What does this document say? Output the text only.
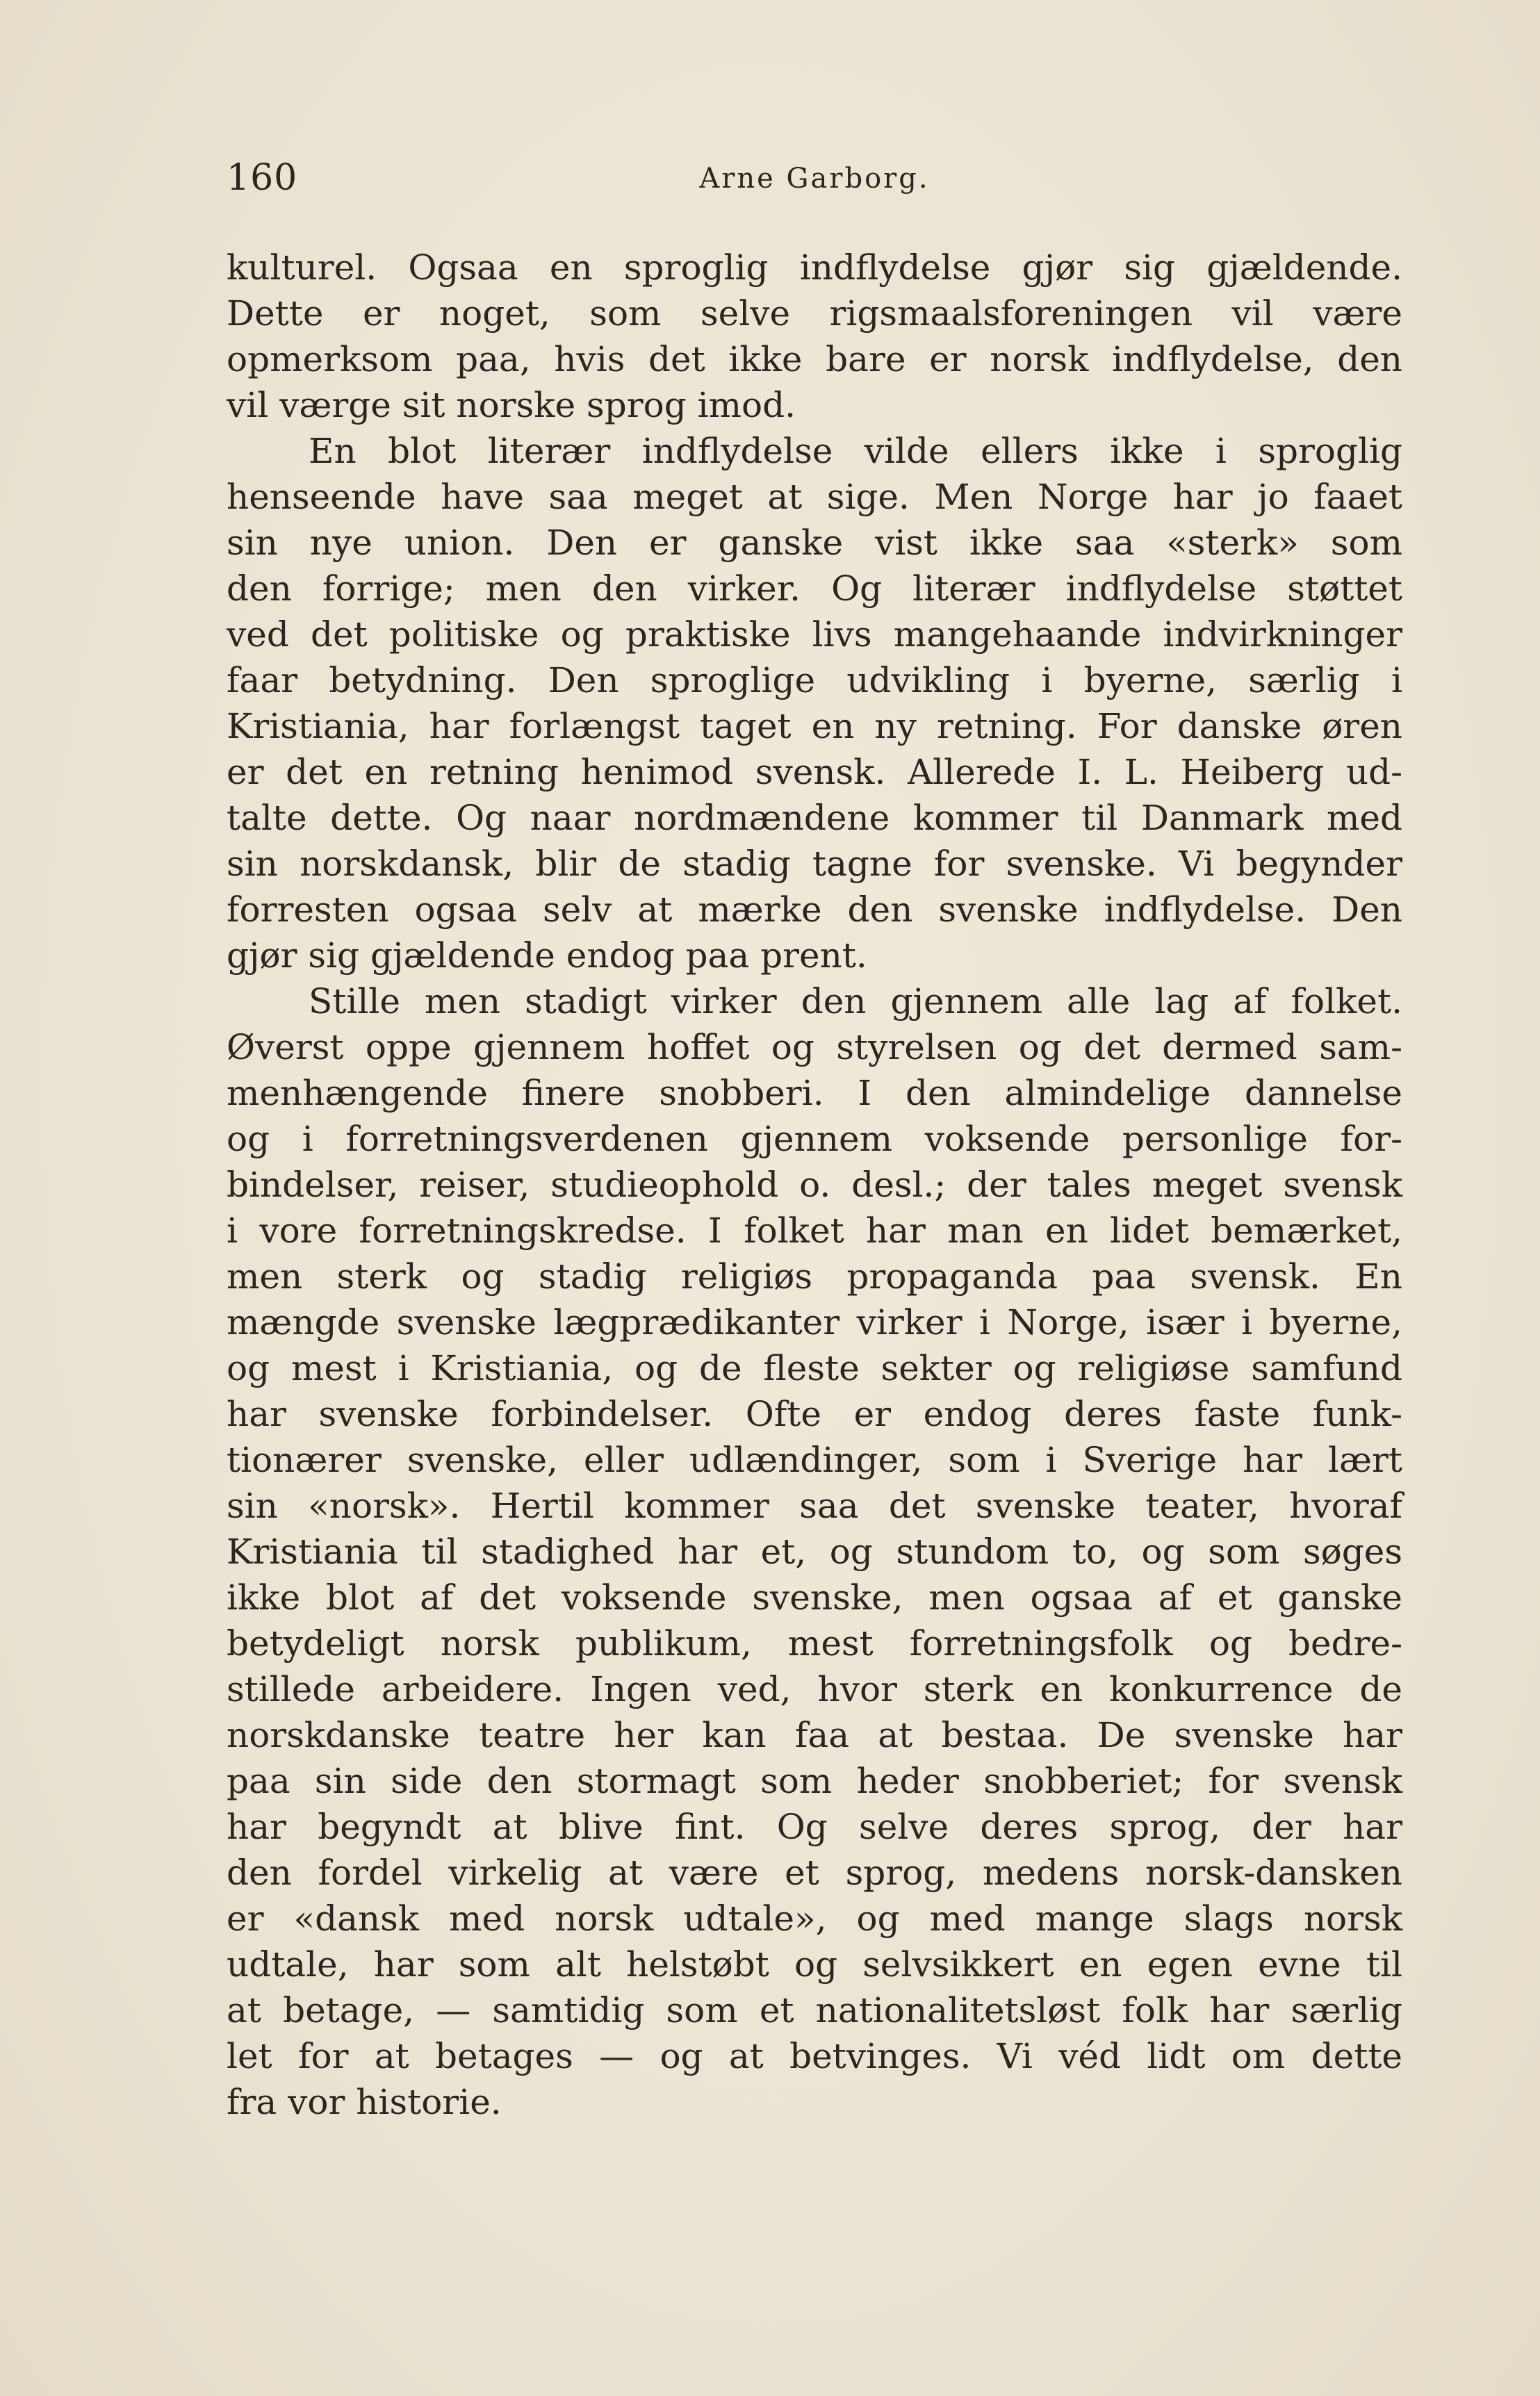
160	Arne Garborg.
kulturel. Ogsaa en sproglig indflydelse gjør sig gjældende.
Dette er noget, som selve rigsmaalsforeningen vil være
opmerksom paa, hvis det ikke bare er norsk indflydelse, den
vil værge sit norske sprog imod.
En blot literær indflydelse vilde ellers ikke i sproglig
henseende have saa meget at sige. Men Norge har jo faaet
sin nye union. Den er ganske vist ikke saa «sterk» som
den forrige; men den virker. Og literær indflydelse støttet
ved det politiske og praktiske livs mangehaande indvirkninger
faar betydning. Den sproglige udvikling i byerne, særlig i
Kristiania, har forlængst taget en ny retning. For danske øren
er det en retning henimod svensk. Allerede I. L. Heiberg ud-
talte dette. Og naar nordmændene kommer til Danmark med
sin norskdansk, blir de stadig tagne for svenske. Vi begynder
forresten ogsaa selv at mærke den svenske indflydelse. Den
gjør sig gjældende endog paa prent.
Stille men stadigt virker den gjennem alle lag af folket.
Øverst oppe gjennem hoffet og styrelsen og det dermed sam-
menhængende finere snobberi. I den almindelige dannelse
og i forretningsverdenen gjennem voksende personlige for-
bindelser, reiser, studieophold o. desl.; der tales meget svensk
i vore forretningskredse. I folket har man en lidet bemærket,
men sterk og stadig religiøs propaganda paa svensk. En
mængde svenske lægprædikanter virker i Norge, især i byerne,
og mest i Kristiania, og de fleste sekter og religiøse samfund
har svenske forbindelser. Ofte er endog deres faste funk-
tionærer svenske, eller udlændinger, som i Sverige har lært
sin «norsk». Hertil kommer saa det svenske teater, hvoraf
Kristiania til stadighed har et, og stundom to, og som søges
ikke blot af det voksende svenske, men ogsaa af et ganske
betydeligt norsk publikum, mest forretningsfolk og bedre-
stillede arbeidere. Ingen ved, hvor sterk en konkurrence de
norskdanske teatre her kan faa at bestaa. De svenske har
paa sin side den stormagt som heder snobberiet; for svensk
har begyndt at blive fint. Og selve deres sprog, der har
den fordel virkelig at være et sprog, medens norsk-dansken
er «dansk med norsk udtale», og med mange slags norsk
udtale, har som alt helstøbt og selvsikkert en egen evne til
at betage, — samtidig som et nationalitetsløst folk har særlig
let for at betages — og at betvinges. Vi véd lidt om dette
fra vor historie.
